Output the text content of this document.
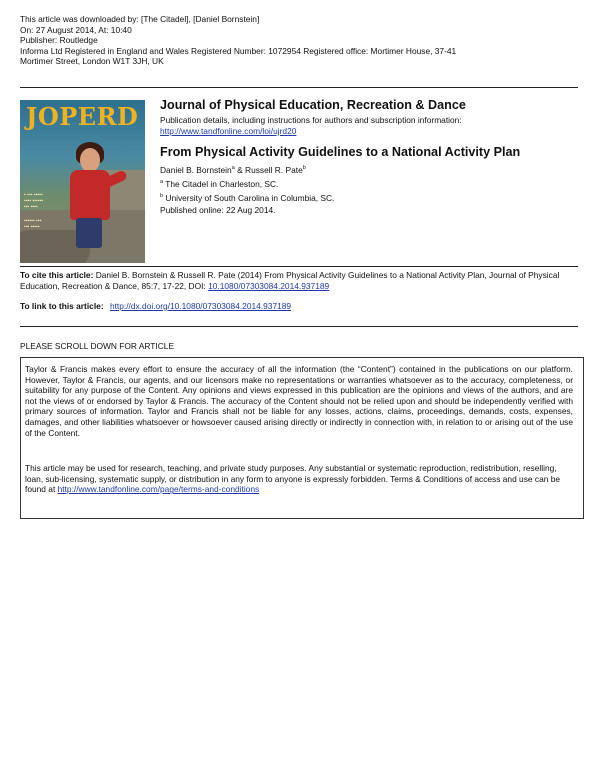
This article was downloaded by: [The Citadel], [Daniel Bornstein]
On: 27 August 2014, At: 10:40
Publisher: Routledge
Informa Ltd Registered in England and Wales Registered Number: 1072954 Registered office: Mortimer House, 37-41
Mortimer Street, London W1T 3JH, UK
▪ ▪▪▪ ▪▪▪▪▪
▪▪▪▪ ▪▪▪▪▪▪
▪▪▪ ▪▪▪▪
▪▪▪▪▪▪ ▪▪▪
▪▪▪ ▪▪▪▪▪
JOPERD Journal of Physical Education, Recreation & Dance
Publication details, including instructions for authors and subscription information:
http://www.tandfonline.com/loi/ujrd20
From Physical Activity Guidelines to a National Activity Plan
Daniel B. Bornstein$^a$ & Russell R. Pate$^b$
$^a$ The Citadel in Charleston, SC.
$^b$ University of South Carolina in Columbia, SC.
Published online: 22 Aug 2014.
To cite this article: Daniel B. Bornstein & Russell R. Pate (2014) From Physical Activity Guidelines to a National Activity Plan, Journal of Physical Education, Recreation & Dance, 85:7, 17-22, DOI: 10.1080/07303084.2014.937189
To link to this article: http://dx.doi.org/10.1080/07303084.2014.937189
PLEASE SCROLL DOWN FOR ARTICLE
Taylor & Francis makes every effort to ensure the accuracy of all the information (the “Content”) contained in the publications on our platform. However, Taylor & Francis, our agents, and our licensors make no representations or warranties whatsoever as to the accuracy, completeness, or suitability for any purpose of the Content. Any opinions and views expressed in this publication are the opinions and views of the authors, and are not the views of or endorsed by Taylor & Francis. The accuracy of the Content should not be relied upon and should be independently verified with primary sources of information. Taylor and Francis shall not be liable for any losses, actions, claims, proceedings, demands, costs, expenses, damages, and other liabilities whatsoever or howsoever caused arising directly or indirectly in connection with, in relation to or arising out of the use of the Content.
This article may be used for research, teaching, and private study purposes. Any substantial or systematic reproduction, redistribution, reselling, loan, sub-licensing, systematic supply, or distribution in any form to anyone is expressly forbidden. Terms & Conditions of access and use can be found at http://www.tandfonline.com/page/terms-and-conditions
